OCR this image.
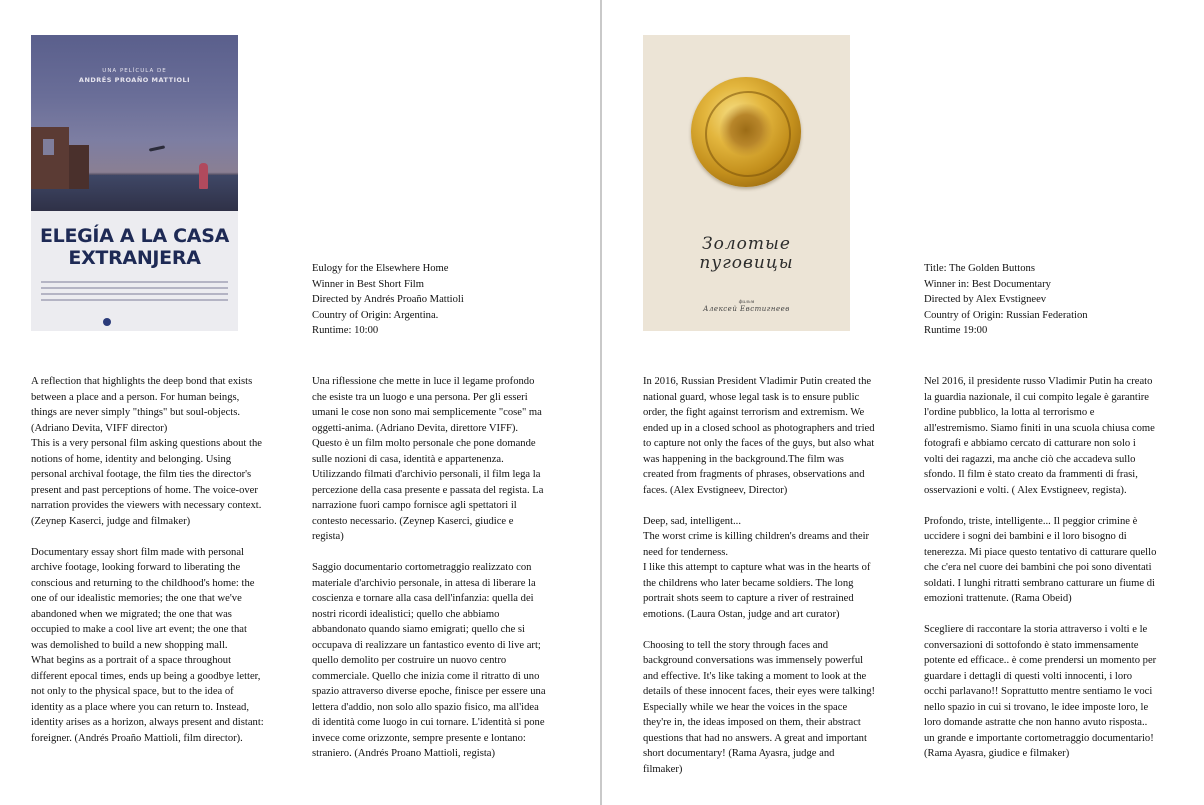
UNA PELÍCULA DE
ANDRÉS PROAÑO MATTIOLI
ELEGÍA A LA CASA
EXTRANJERA	Eulogy for the Elsewhere Home
Winner in Best Short Film
Directed by Andrés Proaño Mattioli
Country of Origin: Argentina.
Runtime: 10:00
A reflection that highlights the deep bond that exists
between a place and a person. For human beings,
things are never simply "things" but soul-objects.
(Adriano Devita, VIFF director)
This is a very personal film asking questions about the
notions of home, identity and belonging. Using
personal archival footage, the film ties the director's
present and past perceptions of home. The voice-over
narration provides the viewers with necessary context.
(Zeynep Kaserci, judge and filmaker)

Documentary essay short film made with personal
archive footage, looking forward to liberating the
conscious and returning to the childhood's home: the
one of our idealistic memories; the one that we've
abandoned when we migrated; the one that was
occupied to make a cool live art event; the one that
was demolished to build a new shopping mall.
What begins as a portrait of a space throughout
different epocal times, ends up being a goodbye letter,
not only to the physical space, but to the idea of
identity as a place where you can return to. Instead,
identity arises as a horizon, always present and distant:
foreigner. (Andrés Proaño Mattioli, film director).
Una riflessione che mette in luce il legame profondo
che esiste tra un luogo e una persona. Per gli esseri
umani le cose non sono mai semplicemente "cose" ma
oggetti-anima. (Adriano Devita, direttore VIFF).
Questo è un film molto personale che pone domande
sulle nozioni di casa, identità e appartenenza.
Utilizzando filmati d'archivio personali, il film lega la
percezione della casa presente e passata del regista. La
narrazione fuori campo fornisce agli spettatori il
contesto necessario. (Zeynep Kaserci, giudice e
regista)

Saggio documentario cortometraggio realizzato con
materiale d'archivio personale, in attesa di liberare la
coscienza e tornare alla casa dell'infanzia: quella dei
nostri ricordi idealistici; quello che abbiamo
abbandonato quando siamo emigrati; quello che si
occupava di realizzare un fantastico evento di live art;
quello demolito per costruire un nuovo centro
commerciale. Quello che inizia come il ritratto di uno
spazio attraverso diverse epoche, finisce per essere una
lettera d'addio, non solo allo spazio fisico, ma all'idea
di identità come luogo in cui tornare. L'identità si pone
invece come orizzonte, sempre presente e lontano:
straniero. (Andrés Proano Mattioli, regista)
Золотые
пуговицы
фильм
Алексей Евстигнеев
Title: The Golden Buttons
Winner in: Best Documentary
Directed by Alex Evstigneev
Country of Origin: Russian Federation
Runtime 19:00
In 2016, Russian President Vladimir Putin created the
national guard, whose legal task is to ensure public
order, the fight against terrorism and extremism. We
ended up in a closed school as photographers and tried
to capture not only the faces of the guys, but also what
was happening in the background.The film was
created from fragments of phrases, observations and
faces. (Alex Evstigneev, Director)

Deep, sad, intelligent...
The worst crime is killing children's dreams and their
need for tenderness.
I like this attempt to capture what was in the hearts of
the childrens who later became soldiers. The long
portrait shots seem to capture a river of restrained
emotions. (Laura Ostan, judge and art curator)

Choosing to tell the story through faces and
background conversations was immensely powerful
and effective. It's like taking a moment to look at the
details of these innocent faces, their eyes were talking!
Especially while we hear the voices in the space
they're in, the ideas imposed on them, their abstract
questions that had no answers. A great and important
short documentary! (Rama Ayasra, judge and
filmaker)
Nel 2016, il presidente russo Vladimir Putin ha creato
la guardia nazionale, il cui compito legale è garantire
l'ordine pubblico, la lotta al terrorismo e
all'estremismo. Siamo finiti in una scuola chiusa come
fotografi e abbiamo cercato di catturare non solo i
volti dei ragazzi, ma anche ciò che accadeva sullo
sfondo. Il film è stato creato da frammenti di frasi,
osservazioni e volti. ( Alex Evstigneev, regista).

Profondo, triste, intelligente... Il peggior crimine è
uccidere i sogni dei bambini e il loro bisogno di
tenerezza. Mi piace questo tentativo di catturare quello
che c'era nel cuore dei bambini che poi sono diventati
soldati. I lunghi ritratti sembrano catturare un fiume di
emozioni trattenute. (Rama Obeid)

Scegliere di raccontare la storia attraverso i volti e le
conversazioni di sottofondo è stato immensamente
potente ed efficace.. è come prendersi un momento per
guardare i dettagli di questi volti innocenti, i loro
occhi parlavano!! Soprattutto mentre sentiamo le voci
nello spazio in cui si trovano, le idee imposte loro, le
loro domande astratte che non hanno avuto risposta..
un grande e importante cortometraggio documentario!
(Rama Ayasra, giudice e filmaker)
